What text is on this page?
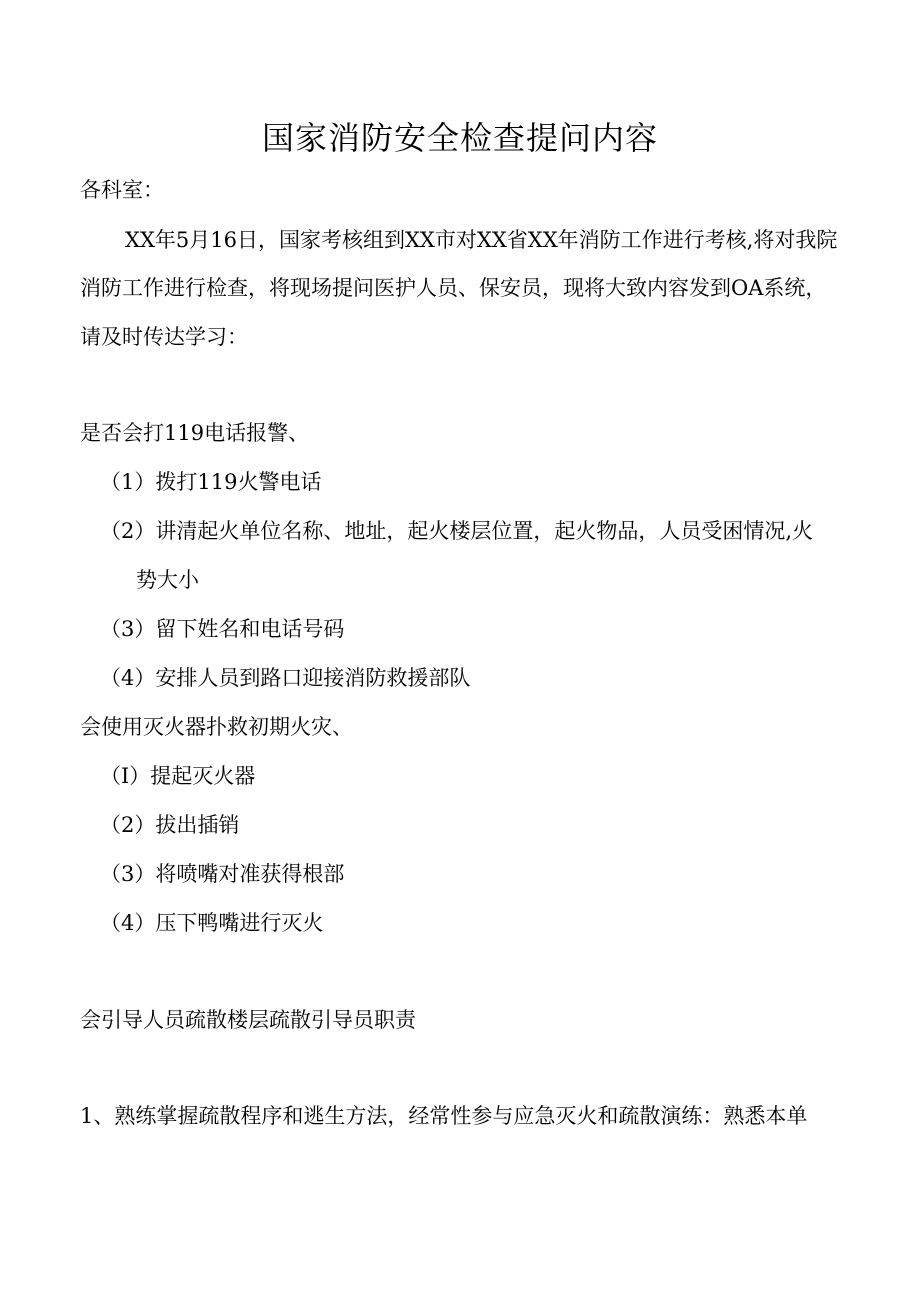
国家消防安全检查提问内容
各科室：
XX年5月16日，国家考核组到XX市对XX省XX年消防工作进行考核,将对我院
消防工作进行检查，将现场提问医护人员、保安员，现将大致内容发到OA系统，
请及时传达学习：
是否会打119电话报警、
（1）拨打119火警电话
（2）讲清起火单位名称、地址，起火楼层位置，起火物品，人员受困情况,火
势大小
（3）留下姓名和电话号码
（4）安排人员到路口迎接消防救援部队
会使用灭火器扑救初期火灾、
（I）提起灭火器
（2）拔出插销
（3）将喷嘴对准获得根部
（4）压下鸭嘴进行灭火
会引导人员疏散楼层疏散引导员职责
1、熟练掌握疏散程序和逃生方法，经常性参与应急灭火和疏散演练：熟悉本单
